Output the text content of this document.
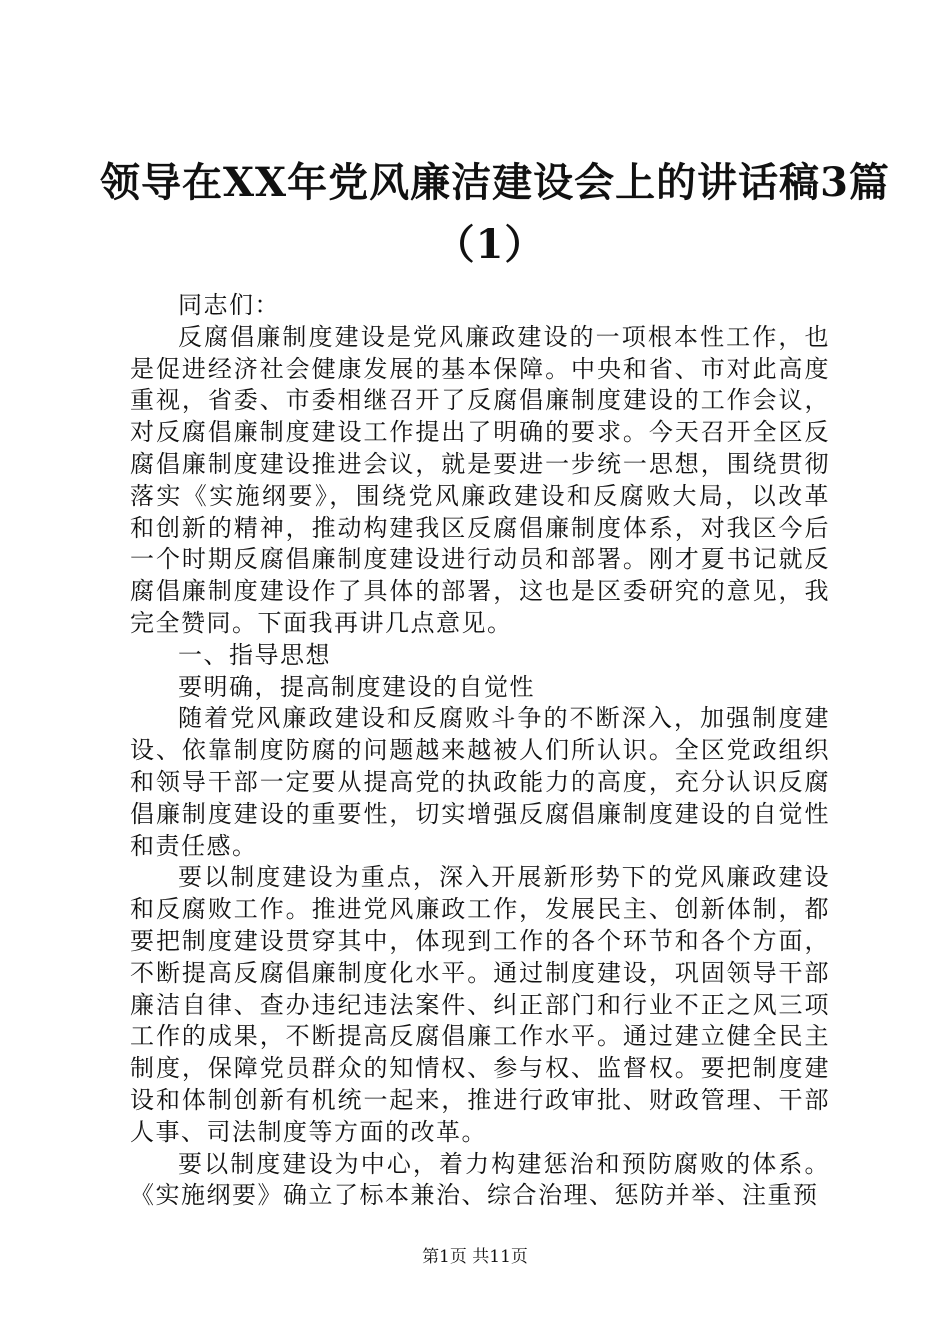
领导在XX年党风廉洁建设会上的讲话稿3篇
（1）

同志们：

反腐倡廉制度建设是党风廉政建设的一项根本性工作，也是促进经济社会健康发展的基本保障。中央和省、市对此高度重视，省委、市委相继召开了反腐倡廉制度建设的工作会议，对反腐倡廉制度建设工作提出了明确的要求。今天召开全区反腐倡廉制度建设推进会议，就是要进一步统一思想，围绕贯彻落实《实施纲要》，围绕党风廉政建设和反腐败大局，以改革和创新的精神，推动构建我区反腐倡廉制度体系，对我区今后一个时期反腐倡廉制度建设进行动员和部署。刚才夏书记就反腐倡廉制度建设作了具体的部署，这也是区委研究的意见，我完全赞同。下面我再讲几点意见。

一、指导思想

要明确，提高制度建设的自觉性

随着党风廉政建设和反腐败斗争的不断深入，加强制度建设、依靠制度防腐的问题越来越被人们所认识。全区党政组织和领导干部一定要从提高党的执政能力的高度，充分认识反腐倡廉制度建设的重要性，切实增强反腐倡廉制度建设的自觉性和责任感。

要以制度建设为重点，深入开展新形势下的党风廉政建设和反腐败工作。推进党风廉政工作，发展民主、创新体制，都要把制度建设贯穿其中，体现到工作的各个环节和各个方面，不断提高反腐倡廉制度化水平。通过制度建设，巩固领导干部廉洁自律、查办违纪违法案件、纠正部门和行业不正之风三项工作的成果，不断提高反腐倡廉工作水平。通过建立健全民主制度，保障党员群众的知情权、参与权、监督权。要把制度建设和体制创新有机统一起来，推进行政审批、财政管理、干部人事、司法制度等方面的改革。

要以制度建设为中心，着力构建惩治和预防腐败的体系。《实施纲要》确立了标本兼治、综合治理、惩防并举、注重预

第1页 共11页
